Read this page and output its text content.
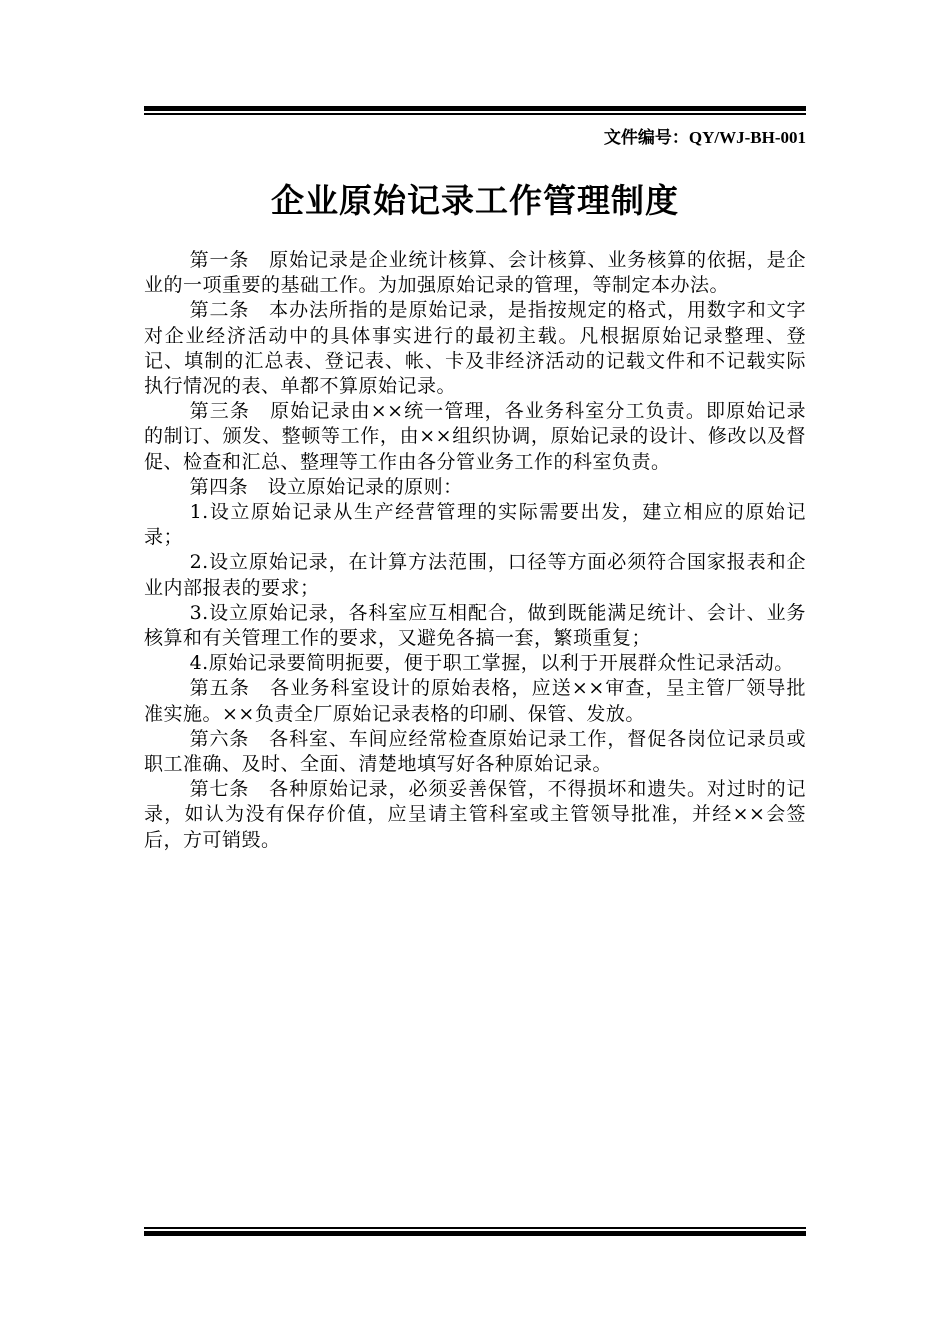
文件编号：QY/WJ-BH-001
企业原始记录工作管理制度

第一条　原始记录是企业统计核算、会计核算、业务核算的依据，是企业的一项重要的基础工作。为加强原始记录的管理，等制定本办法。

第二条　本办法所指的是原始记录，是指按规定的格式，用数字和文字对企业经济活动中的具体事实进行的最初主载。凡根据原始记录整理、登记、填制的汇总表、登记表、帐、卡及非经济活动的记载文件和不记载实际执行情况的表、单都不算原始记录。

第三条　原始记录由××统一管理，各业务科室分工负责。即原始记录的制订、颁发、整顿等工作，由××组织协调，原始记录的设计、修改以及督促、检查和汇总、整理等工作由各分管业务工作的科室负责。

第四条　设立原始记录的原则：

1.设立原始记录从生产经营管理的实际需要出发，建立相应的原始记录；

2.设立原始记录，在计算方法范围，口径等方面必须符合国家报表和企业内部报表的要求；

3.设立原始记录，各科室应互相配合，做到既能满足统计、会计、业务核算和有关管理工作的要求，又避免各搞一套，繁琐重复；

4.原始记录要简明扼要，便于职工掌握，以利于开展群众性记录活动。

第五条　各业务科室设计的原始表格，应送××审查，呈主管厂领导批准实施。××负责全厂原始记录表格的印刷、保管、发放。

第六条　各科室、车间应经常检查原始记录工作，督促各岗位记录员或职工准确、及时、全面、清楚地填写好各种原始记录。

第七条　各种原始记录，必须妥善保管，不得损坏和遗失。对过时的记录，如认为没有保存价值，应呈请主管科室或主管领导批准，并经××会签后，方可销毁。
